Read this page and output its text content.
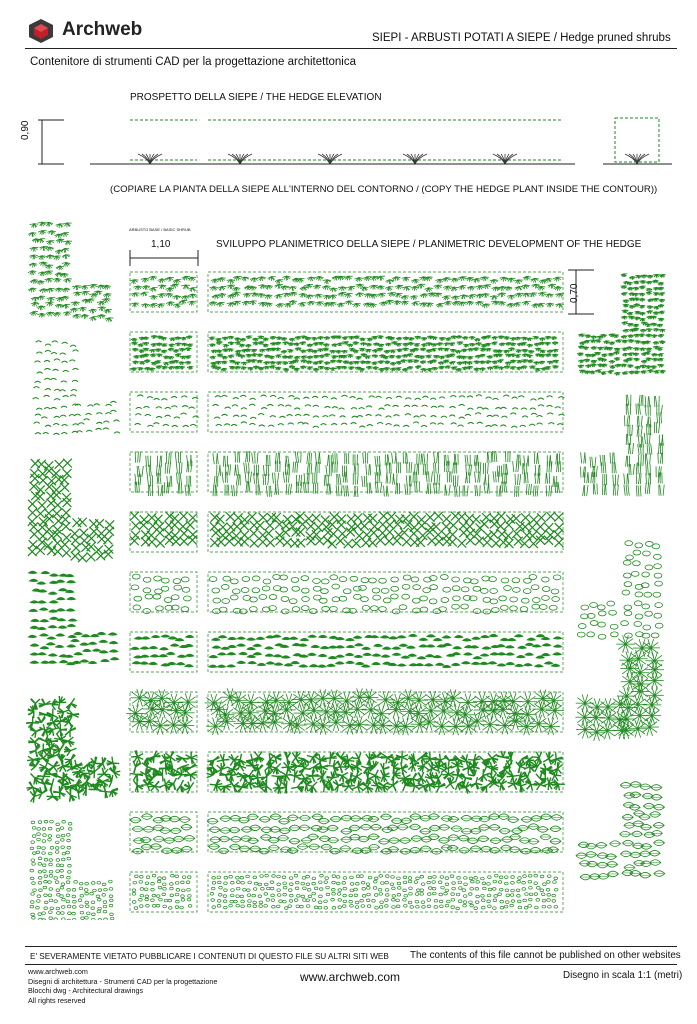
Archweb	SIEPI - ARBUSTI POTATI A SIEPE / Hedge pruned shrubs
Contenitore di strumenti CAD per la progettazione architettonica
PROSPETTO DELLA SIEPE / THE HEDGE ELEVATION
0,90
(COPIARE LA PIANTA DELLA SIEPE ALL'INTERNO DEL CONTORNO / (COPY THE HEDGE PLANT INSIDE THE CONTOUR))
ARBUSTO BASE / BASIC SHRUB
1,10	SVILUPPO PLANIMETRICO DELLA SIEPE / PLANIMETRIC DEVELOPMENT OF THE HEDGE
0,70
E' SEVERAMENTE VIETATO PUBBLICARE I CONTENUTI DI QUESTO FILE SU ALTRI SITI WEB The contents of this file cannot be published on other websites
www.archweb.com
Disegni di architettura - Strumenti CAD per la progettazione
Blocchi dwg - Architectural drawings
All rights reserved
www.archweb.com	Disegno in scala 1:1 (metri)
